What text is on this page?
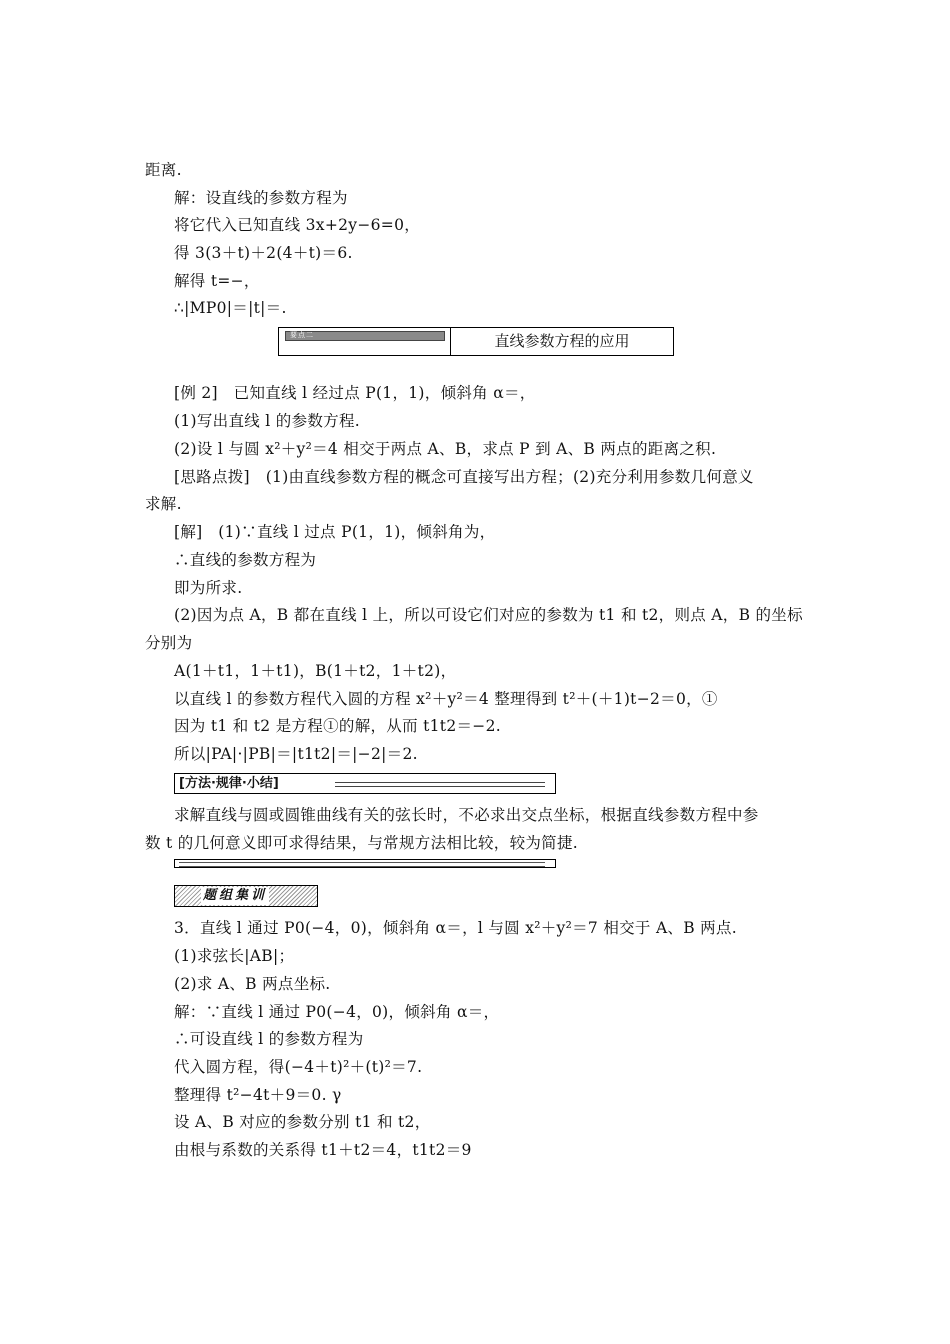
距离.
解：设直线的参数方程为
将它代入已知直线 3x+2y−6=0，
得 3(3＋t)＋2(4＋t)＝6.
解得 t=−，
∴|MP0|＝|t|＝.
要点二	直线参数方程的应用
[例 2]　已知直线 l 经过点 P(1，1)，倾斜角 α＝，
(1)写出直线 l 的参数方程.
(2)设 l 与圆 x²＋y²＝4 相交于两点 A、B，求点 P 到 A、B 两点的距离之积.
[思路点拨]　(1)由直线参数方程的概念可直接写出方程；(2)充分利用参数几何意义
求解.
[解]　(1)∵直线 l 过点 P(1，1)，倾斜角为，
∴直线的参数方程为
即为所求.
(2)因为点 A，B 都在直线 l 上，所以可设它们对应的参数为 t1 和 t2，则点 A，B 的坐标
分别为
A(1＋t1，1＋t1)，B(1＋t2，1＋t2)，
以直线 l 的参数方程代入圆的方程 x²＋y²＝4 整理得到 t²＋(＋1)t−2＝0，①
因为 t1 和 t2 是方程①的解，从而 t1t2＝−2.
所以|PA|·|PB|＝|t1t2|＝|−2|＝2.
[方法·规律·小结]
求解直线与圆或圆锥曲线有关的弦长时，不必求出交点坐标，根据直线参数方程中参
数 t 的几何意义即可求得结果，与常规方法相比较，较为简捷.
题组集训
3．直线 l 通过 P0(−4，0)，倾斜角 α＝，l 与圆 x²＋y²＝7 相交于 A、B 两点.
(1)求弦长|AB|；
(2)求 A、B 两点坐标.
解：∵直线 l 通过 P0(−4，0)，倾斜角 α＝，
∴可设直线 l 的参数方程为
代入圆方程，得(−4＋t)²＋(t)²＝7.
整理得 t²−4t＋9＝0. γ
设 A、B 对应的参数分别 t1 和 t2，
由根与系数的关系得 t1＋t2＝4，t1t2＝9
